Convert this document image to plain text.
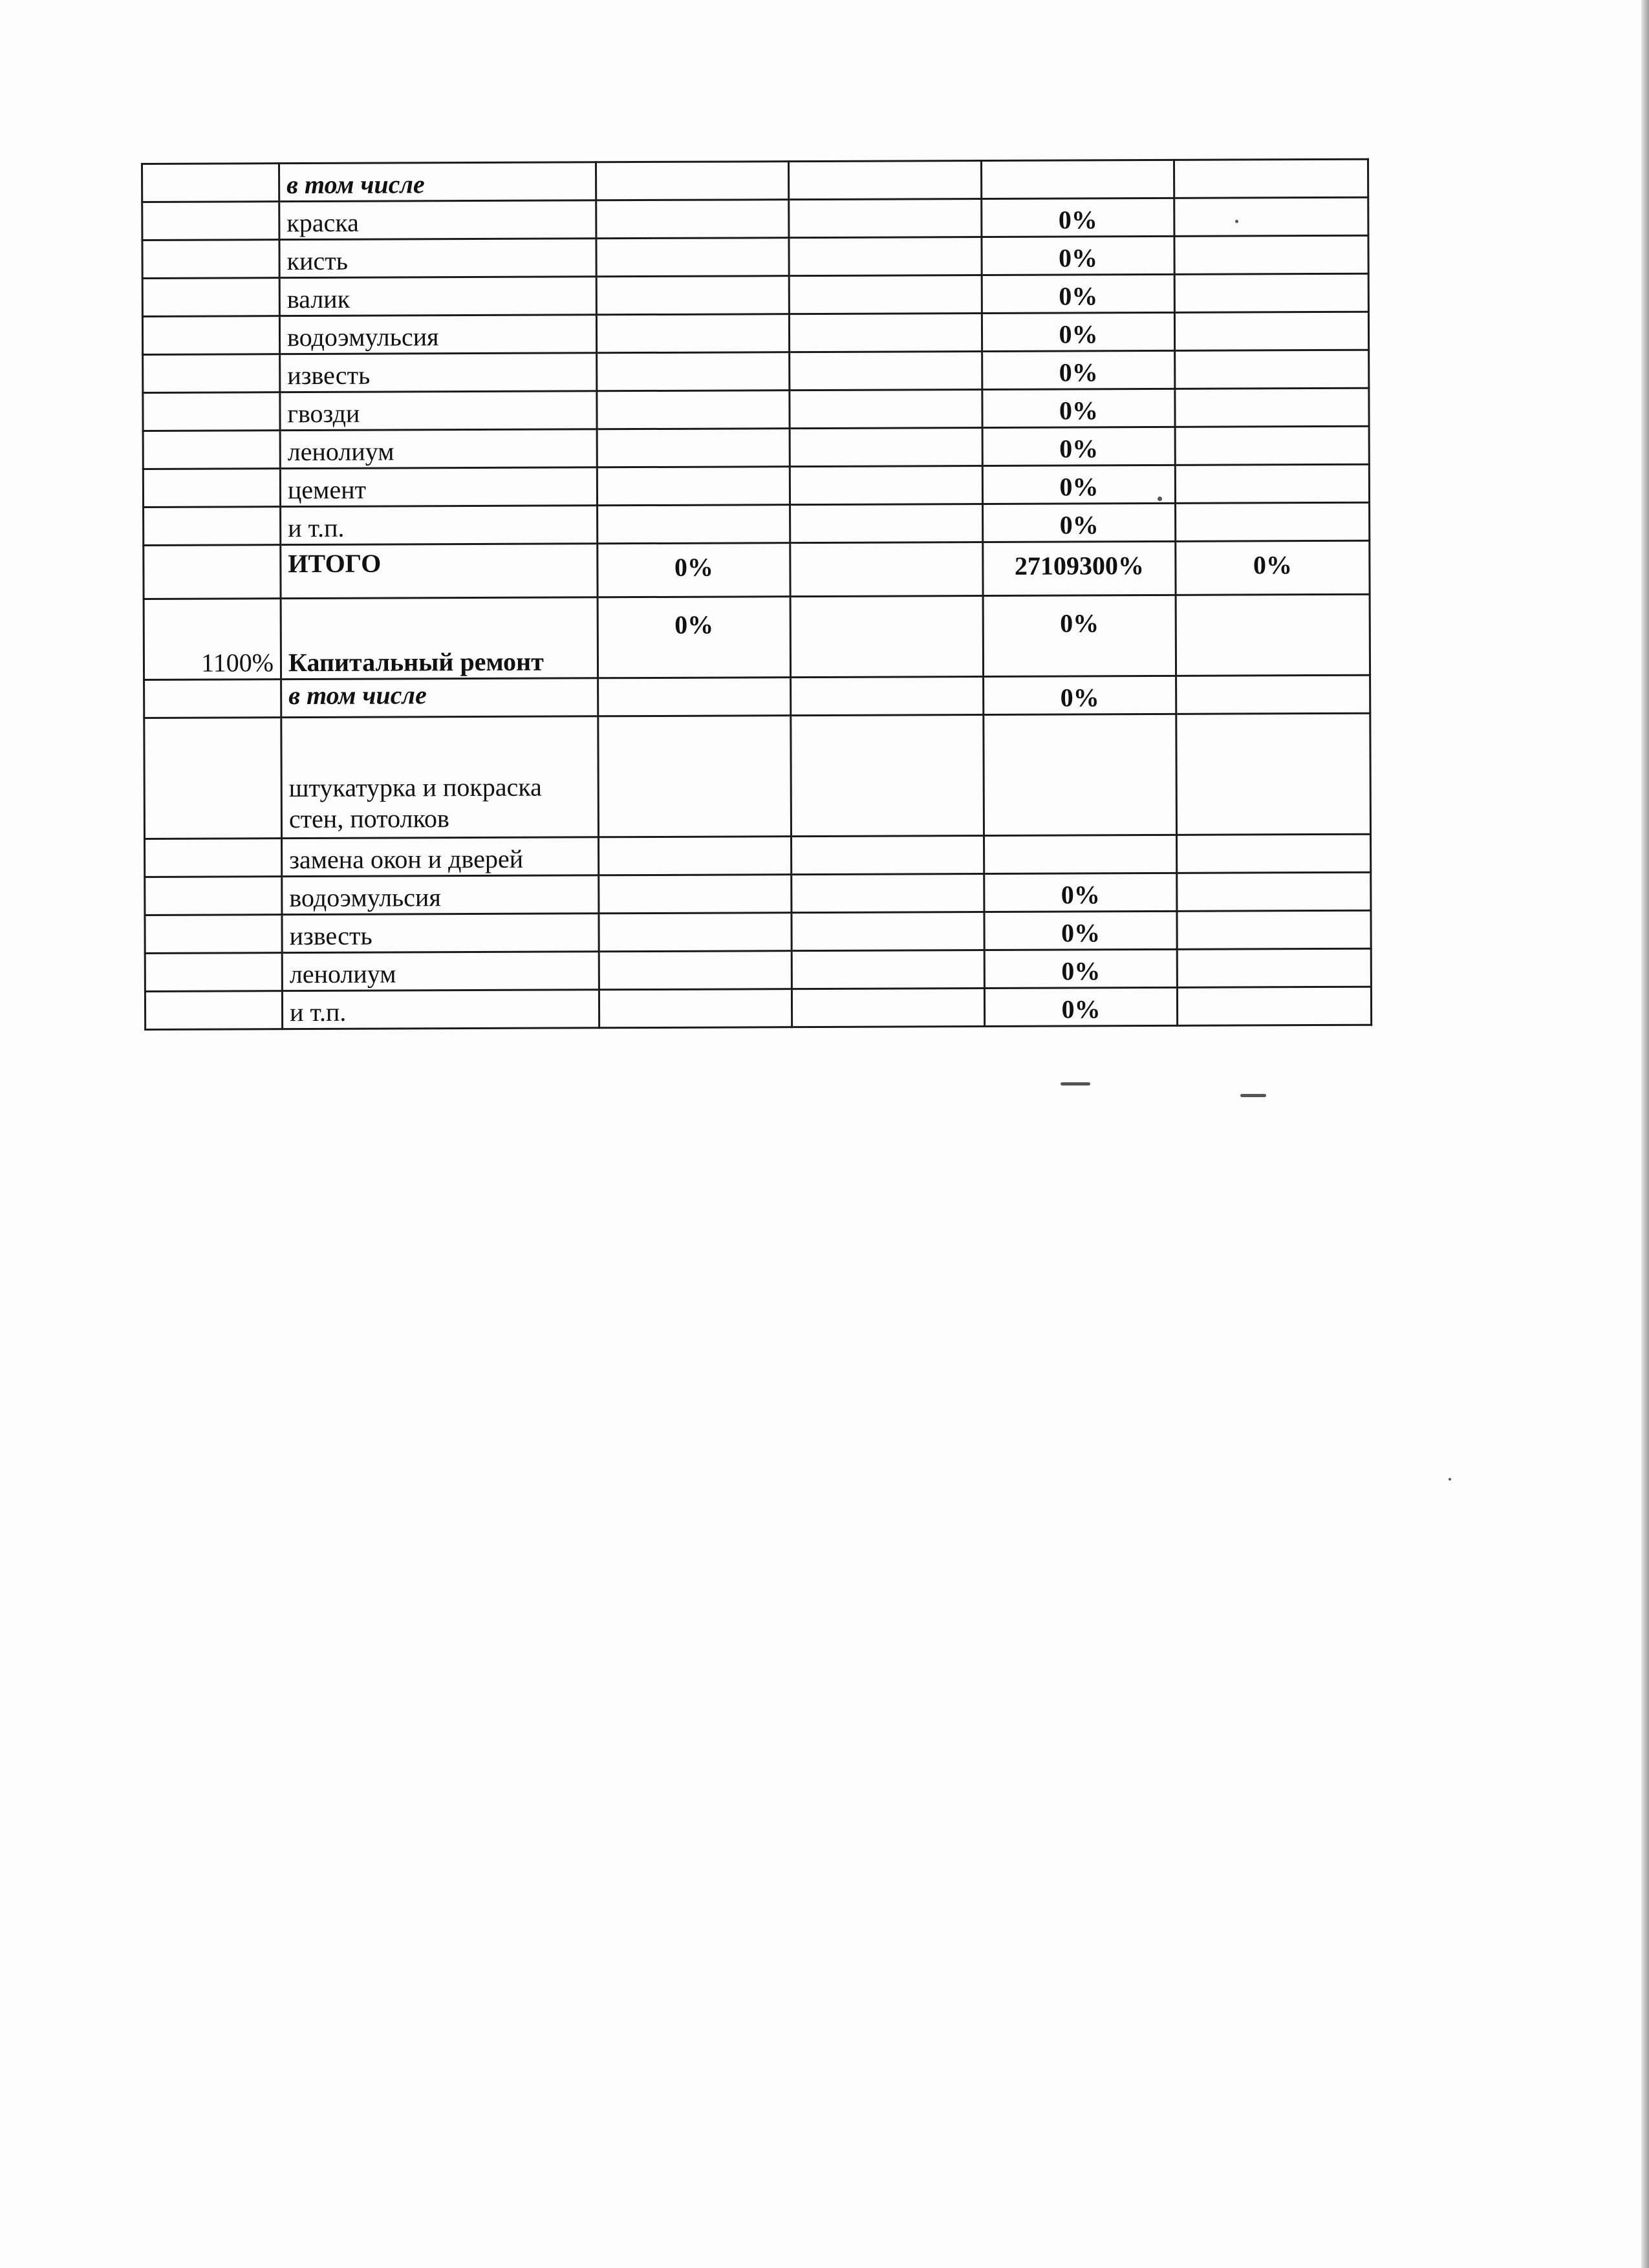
	в том числе				
	краска			0%	
	кисть			0%	
	валик			0%	
	водоэмульсия			0%	
	известь			0%	
	гвозди			0%	
	ленолиум			0%	
	цемент			0%	
	и т.п.			0%	
	ИТОГО	0%		27109300%	0%
1100%	Капитальный ремонт	0%		0%	
	в том числе			0%	
	штукатурка и покраска стен, потолков				
	замена окон и дверей				
	водоэмульсия			0%	
	известь			0%	
	ленолиум			0%	
	и т.п.			0%	
